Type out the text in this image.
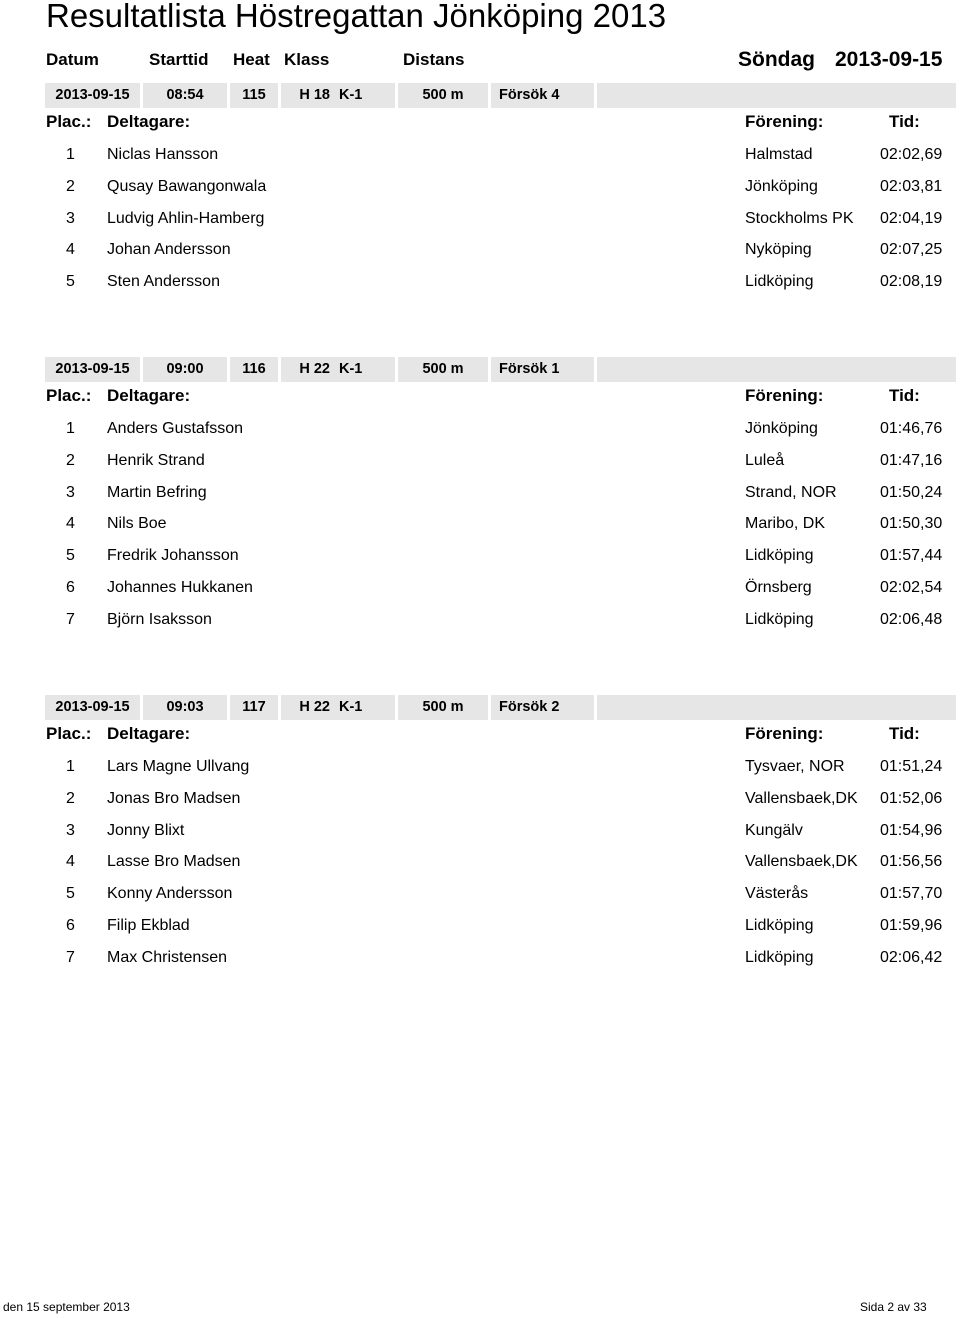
Resultatlista Höstregattan Jönköping 2013
Datum	Starttid Heat Klass	Distans	Söndag 2013-09-15
2013-09-15	08:54	115	H 18 K-1	500 m	Försök 4
Plac.: Deltagare:	Förening:	Tid:
1 Niclas Hansson	Halmstad	02:02,69
2 Qusay Bawangonwala	Jönköping	02:03,81
3 Ludvig Ahlin-Hamberg	Stockholms PK 02:04,19
4 Johan Andersson	Nyköping	02:07,25
5 Sten Andersson	Lidköping	02:08,19
2013-09-15	09:00	116	H 22 K-1	500 m	Försök 1
Plac.: Deltagare:	Förening:	Tid:
1 Anders Gustafsson	Jönköping	01:46,76
2 Henrik Strand	Luleå	01:47,16
3 Martin Befring	Strand, NOR	01:50,24
4 Nils Boe	Maribo, DK	01:50,30
5 Fredrik Johansson	Lidköping	01:57,44
6 Johannes Hukkanen	Örnsberg	02:02,54
7 Björn Isaksson	Lidköping	02:06,48
2013-09-15	09:03	117	H 22 K-1	500 m	Försök 2
Plac.: Deltagare:	Förening:	Tid:
1 Lars Magne Ullvang	Tysvaer, NOR 01:51,24
2 Jonas Bro Madsen	Vallensbaek,DK 01:52,06
3 Jonny Blixt	Kungälv	01:54,96
4 Lasse Bro Madsen	Vallensbaek,DK 01:56,56
5 Konny Andersson	Västerås	01:57,70
6 Filip Ekblad	Lidköping	01:59,96
7 Max Christensen	Lidköping	02:06,42
den 15 september 2013	Sida 2 av 33
